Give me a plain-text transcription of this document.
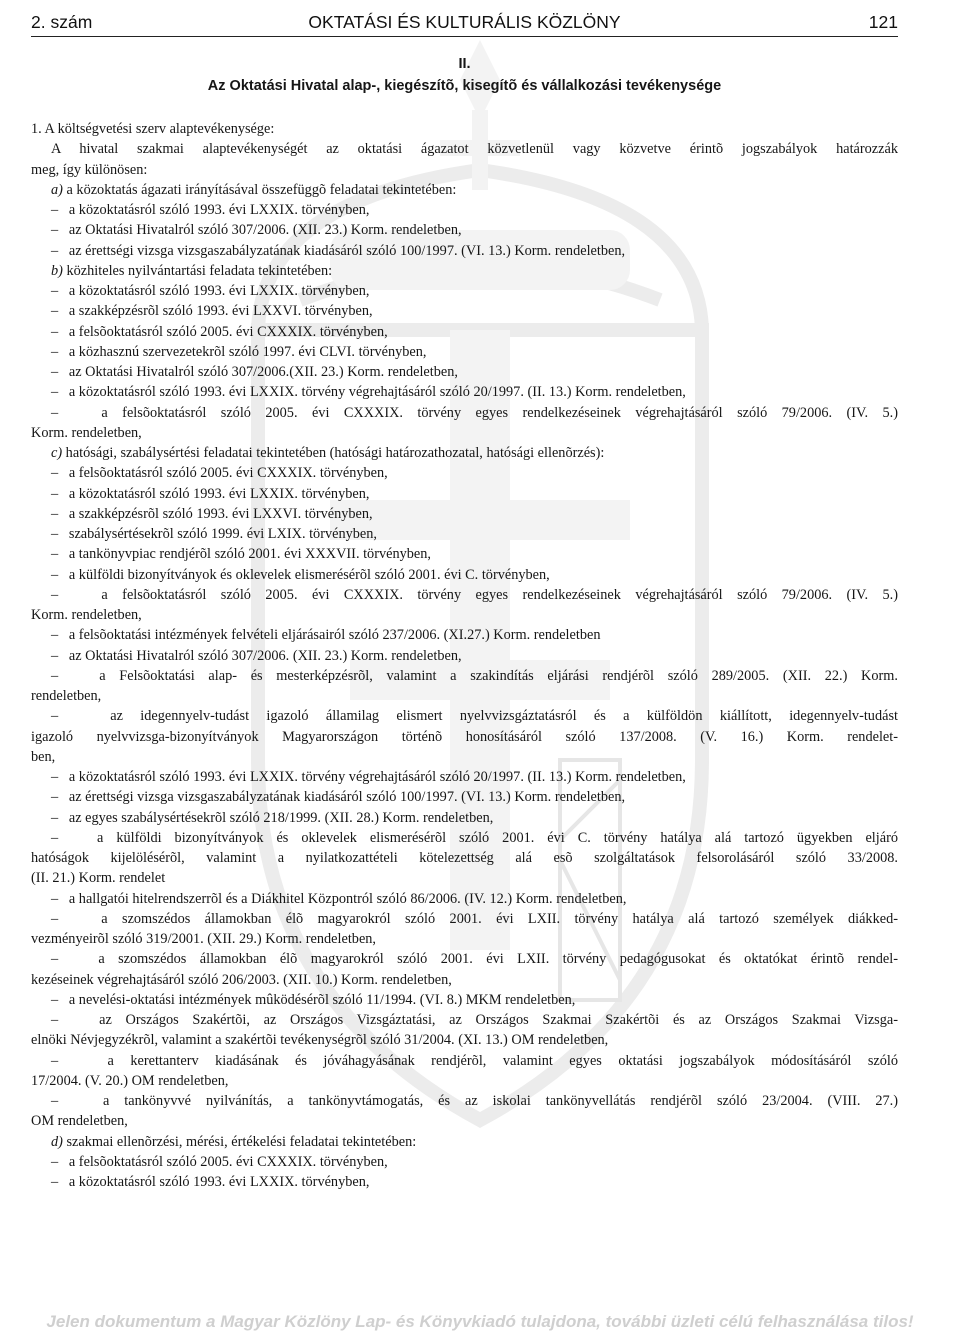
OKTATÁSI ÉS KULTURÁLIS KÖZLÖNY
2. szám	121
II.
Az Oktatási Hivatal alap-, kiegészítõ, kisegítõ és vállalkozási tevékenysége
1. A költségvetési szerv alaptevékenysége:
A hivatal szakmai alaptevékenységét az oktatási ágazatot közvetlenül vagy közvetve érintõ jogszabályok határozzák
meg, így különösen:
a) a közoktatás ágazati irányításával összefüggõ feladatai tekintetében:
– a közoktatásról szóló 1993. évi LXXIX. törvényben,
– az Oktatási Hivatalról szóló 307/2006. (XII. 23.) Korm. rendeletben,
– az érettségi vizsga vizsgaszabályzatának kiadásáról szóló 100/1997. (VI. 13.) Korm. rendeletben,
b) közhiteles nyilvántartási feladata tekintetében:
– a közoktatásról szóló 1993. évi LXXIX. törvényben,
– a szakképzésrõl szóló 1993. évi LXXVI. törvényben,
– a felsõoktatásról szóló 2005. évi CXXXIX. törvényben,
– a közhasznú szervezetekrõl szóló 1997. évi CLVI. törvényben,
– az Oktatási Hivatalról szóló 307/2006.(XII. 23.) Korm. rendeletben,
– a közoktatásról szóló 1993. évi LXXIX. törvény végrehajtásáról szóló 20/1997. (II. 13.) Korm. rendeletben,
–	a felsõoktatásról szóló 2005. évi CXXXIX. törvény egyes rendelkezéseinek végrehajtásáról szóló 79/2006. (IV. 5.)
Korm. rendeletben,
c) hatósági, szabálysértési feladatai tekintetében (hatósági határozathozatal, hatósági ellenõrzés):
– a felsõoktatásról szóló 2005. évi CXXXIX. törvényben,
– a közoktatásról szóló 1993. évi LXXIX. törvényben,
– a szakképzésrõl szóló 1993. évi LXXVI. törvényben,
– szabálysértésekrõl szóló 1999. évi LXIX. törvényben,
– a tankönyvpiac rendjérõl szóló 2001. évi XXXVII. törvényben,
– a külföldi bizonyítványok és oklevelek elismerésérõl szóló 2001. évi C. törvényben,
–	a felsõoktatásról szóló 2005. évi CXXXIX. törvény egyes rendelkezéseinek végrehajtásáról szóló 79/2006. (IV. 5.)
Korm. rendeletben,
– a felsõoktatási intézmények felvételi eljárásairól szóló 237/2006. (XI.27.) Korm. rendeletben
– az Oktatási Hivatalról szóló 307/2006. (XII. 23.) Korm. rendeletben,
–	a Felsõoktatási alap- és mesterképzésrõl, valamint a szakindítás eljárási rendjérõl szóló 289/2005. (XII. 22.) Korm.
rendeletben,
–	az idegennyelv-tudást igazoló államilag elismert nyelvvizsgáztatásról és a külföldön kiállított, idegennyelv-tudást
igazoló nyelvvizsga-bizonyítványok Magyarországon történõ honosításáról szóló 137/2008. (V. 16.) Korm. rendelet-
ben,
– a közoktatásról szóló 1993. évi LXXIX. törvény végrehajtásáról szóló 20/1997. (II. 13.) Korm. rendeletben,
– az érettségi vizsga vizsgaszabályzatának kiadásáról szóló 100/1997. (VI. 13.) Korm. rendeletben,
– az egyes szabálysértésekrõl szóló 218/1999. (XII. 28.) Korm. rendeletben,
–	a külföldi bizonyítványok és oklevelek elismerésérõl szóló 2001. évi C. törvény hatálya alá tartozó ügyekben eljáró
hatóságok kijelölésérõl, valamint a nyilatkozattételi kötelezettség alá esõ szolgáltatások felsorolásáról szóló 33/2008.
(II. 21.) Korm. rendelet
– a hallgatói hitelrendszerrõl és a Diákhitel Központról szóló 86/2006. (IV. 12.) Korm. rendeletben,
–	a szomszédos államokban élõ magyarokról szóló 2001. évi LXII. törvény hatálya alá tartozó személyek diákked-
vezményeirõl szóló 319/2001. (XII. 29.) Korm. rendeletben,
–	a szomszédos államokban élõ magyarokról szóló 2001. évi LXII. törvény pedagógusokat és oktatókat érintõ rendel-
kezéseinek végrehajtásáról szóló 206/2003. (XII. 10.) Korm. rendeletben,
– a nevelési-oktatási intézmények mûködésérõl szóló 11/1994. (VI. 8.) MKM rendeletben,
–	az Országos Szakértõi, az Országos Vizsgáztatási, az Országos Szakmai Szakértõi és az Országos Szakmai Vizsga-
elnöki Névjegyzékrõl, valamint a szakértõi tevékenységrõl szóló 31/2004. (XI. 13.) OM rendeletben,
–	a kerettanterv kiadásának és jóváhagyásának rendjérõl, valamint egyes oktatási jogszabályok módosításáról szóló
17/2004. (V. 20.) OM rendeletben,
–	a tankönyvvé nyilvánítás, a tankönyvtámogatás, és az iskolai tankönyvellátás rendjérõl szóló 23/2004. (VIII. 27.)
OM rendeletben,
d) szakmai ellenõrzési, mérési, értékelési feladatai tekintetében:
– a felsõoktatásról szóló 2005. évi CXXXIX. törvényben,
– a közoktatásról szóló 1993. évi LXXIX. törvényben,
Jelen dokumentum a Magyar Közlöny Lap- és Könyvkiadó tulajdona, további üzleti célú felhasználása tilos!
